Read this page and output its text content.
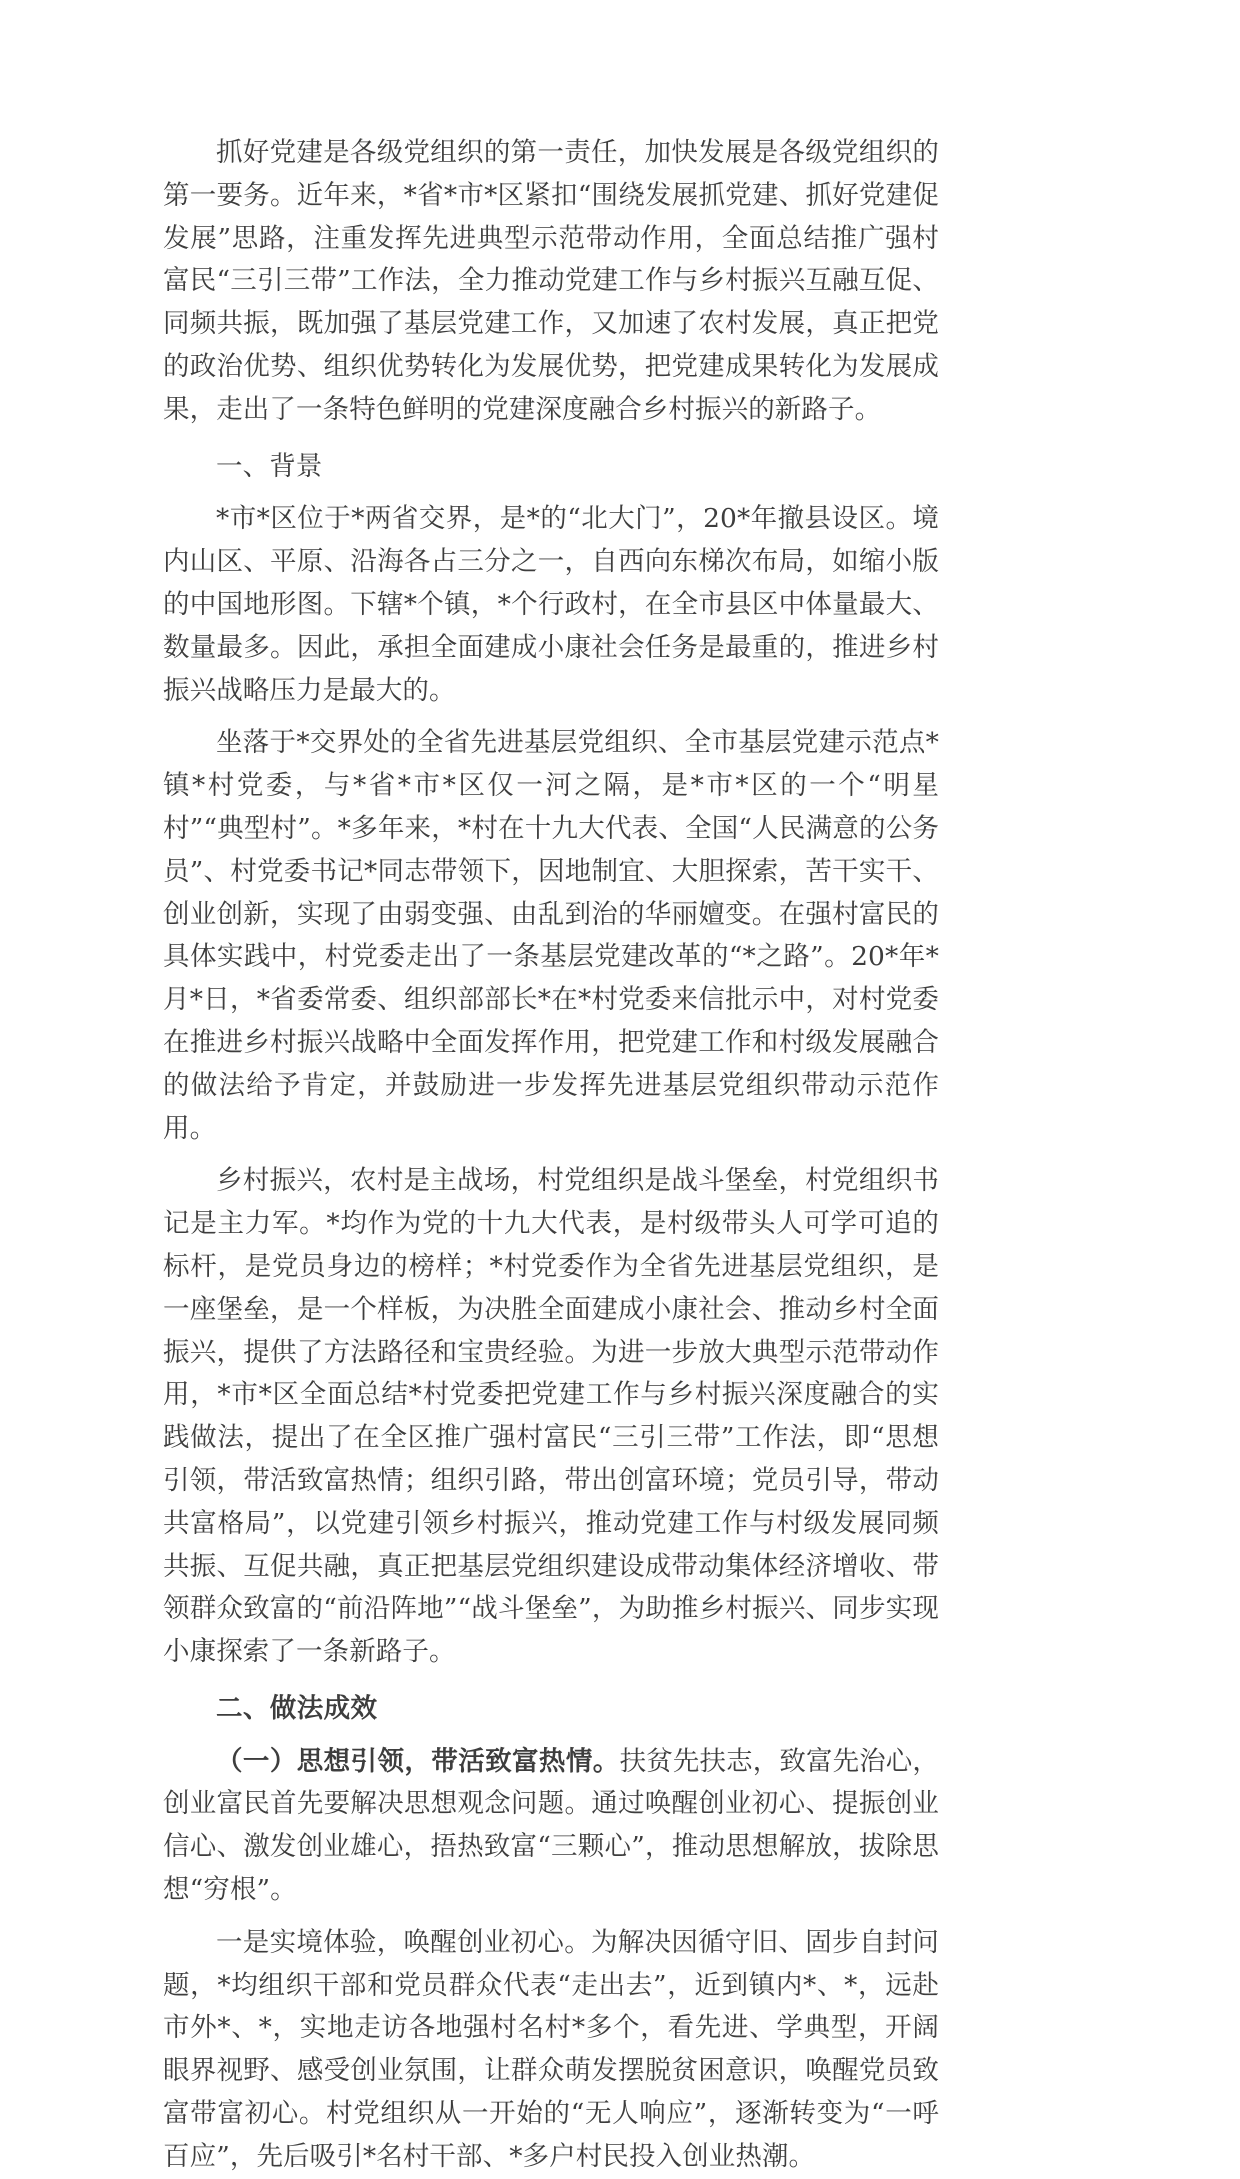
抓好党建是各级党组织的第一责任，加快发展是各级党组织的第一要务。近年来，*省*市*区紧扣“围绕发展抓党建、抓好党建促发展”思路，注重发挥先进典型示范带动作用，全面总结推广强村富民“三引三带”工作法，全力推动党建工作与乡村振兴互融互促、同频共振，既加强了基层党建工作，又加速了农村发展，真正把党的政治优势、组织优势转化为发展优势，把党建成果转化为发展成果，走出了一条特色鲜明的党建深度融合乡村振兴的新路子。

一、背景

*市*区位于*两省交界，是*的“北大门”，20*年撤县设区。境内山区、平原、沿海各占三分之一，自西向东梯次布局，如缩小版的中国地形图。下辖*个镇，*个行政村，在全市县区中体量最大、数量最多。因此，承担全面建成小康社会任务是最重的，推进乡村振兴战略压力是最大的。

坐落于*交界处的全省先进基层党组织、全市基层党建示范点*镇*村党委，与*省*市*区仅一河之隔，是*市*区的一个“明星村”“典型村”。*多年来，*村在十九大代表、全国“人民满意的公务员”、村党委书记*同志带领下，因地制宜、大胆探索，苦干实干、创业创新，实现了由弱变强、由乱到治的华丽嬗变。在强村富民的具体实践中，村党委走出了一条基层党建改革的“*之路”。20*年*月*日，*省委常委、组织部部长*在*村党委来信批示中，对村党委在推进乡村振兴战略中全面发挥作用，把党建工作和村级发展融合的做法给予肯定，并鼓励进一步发挥先进基层党组织带动示范作用。

乡村振兴，农村是主战场，村党组织是战斗堡垒，村党组织书记是主力军。*均作为党的十九大代表，是村级带头人可学可追的标杆，是党员身边的榜样；*村党委作为全省先进基层党组织，是一座堡垒，是一个样板，为决胜全面建成小康社会、推动乡村全面振兴，提供了方法路径和宝贵经验。为进一步放大典型示范带动作用，*市*区全面总结*村党委把党建工作与乡村振兴深度融合的实践做法，提出了在全区推广强村富民“三引三带”工作法，即“思想引领，带活致富热情；组织引路，带出创富环境；党员引导，带动共富格局”，以党建引领乡村振兴，推动党建工作与村级发展同频共振、互促共融，真正把基层党组织建设成带动集体经济增收、带领群众致富的“前沿阵地”“战斗堡垒”，为助推乡村振兴、同步实现小康探索了一条新路子。

二、做法成效

（一）思想引领，带活致富热情。扶贫先扶志，致富先治心，创业富民首先要解决思想观念问题。通过唤醒创业初心、提振创业信心、激发创业雄心，捂热致富“三颗心”，推动思想解放，拔除思想“穷根”。

一是实境体验，唤醒创业初心。为解决因循守旧、固步自封问题，*均组织干部和党员群众代表“走出去”，近到镇内*、*，远赴市外*、*，实地走访各地强村名村*多个，看先进、学典型，开阔眼界视野、感受创业氛围，让群众萌发摆脱贫困意识，唤醒党员致富带富初心。村党组织从一开始的“无人响应”，逐渐转变为“一呼百应”，先后吸引*名村干部、*多户村民投入创业热潮。
